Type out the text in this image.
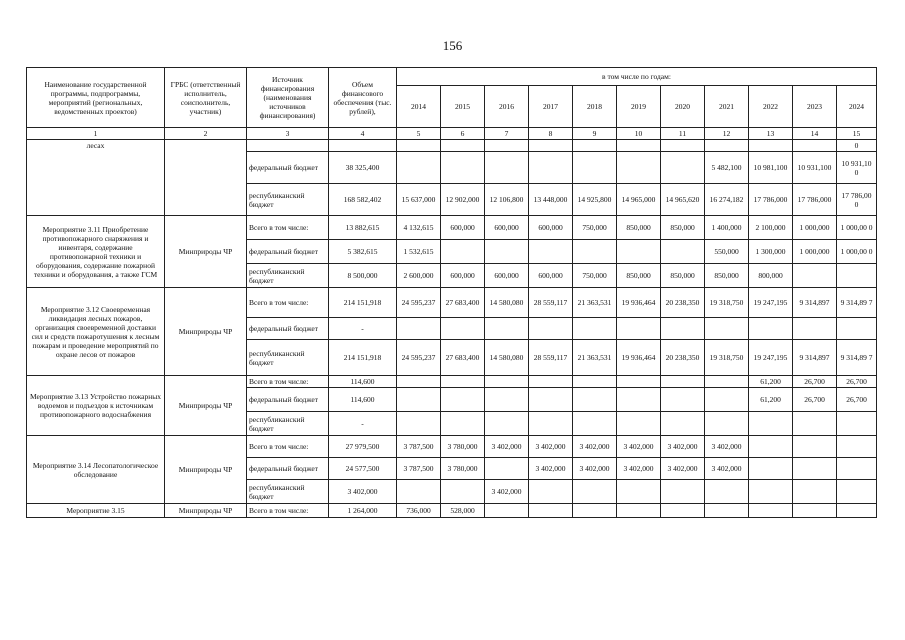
156
Наименование государственной программы, подпрограммы, мероприятий (региональных, ведомственных проектов)	ГРБС (ответственный исполнитель, соисполнитель, участник)	Источник финансирования (наименования источников финансирования)	Объем финансового обеспечения (тыс. рублей),	в том числе по годам:										
				2014	2015	2016	2017	2018	2019	2020	2021	2022	2023	2024
1	2	3	4	5	6	7	8	9	10	11	12	13	14	15
лесах														0
		федеральный бюджет	38 325,400								5 482,100	10 981,100	10 931,100	10 931,10 0
		республиканский бюджет	168 582,402	15 637,000	12 902,000	12 106,800	13 448,000	14 925,800	14 965,000	14 965,620	16 274,182	17 786,000	17 786,000	17 786,00 0
Мероприятие 3.11 Приобретение противопожарного снаряжения и инвентаря, содержание противопожарной техники и оборудования, содержание пожарной техники и оборудования, а также ГСМ	Минприроды ЧР	Всего в том числе:	13 882,615	4 132,615	600,000	600,000	600,000	750,000	850,000	850,000	1 400,000	2 100,000	1 000,000	1 000,00 0
		федеральный бюджет	5 382,615	1 532,615							550,000	1 300,000	1 000,000	1 000,00 0
		республиканский бюджет	8 500,000	2 600,000	600,000	600,000	600,000	750,000	850,000	850,000	850,000	800,000		
Мероприятие 3.12 Своевременная ликвидация лесных пожаров, организация своевременной доставки сил и средств пожаротушения к лесным пожарам и проведение мероприятий по охране лесов от пожаров	Минприроды ЧР	Всего в том числе:	214 151,918	24 595,237	27 683,400	14 580,080	28 559,117	21 363,531	19 936,464	20 238,350	19 318,750	19 247,195	9 314,897	9 314,89 7
		федеральный бюджет	-											
		республиканский бюджет	214 151,918	24 595,237	27 683,400	14 580,080	28 559,117	21 363,531	19 936,464	20 238,350	19 318,750	19 247,195	9 314,897	9 314,89 7
Мероприятие 3.13 Устройство пожарных водоемов и подъездов к источникам противопожарного водоснабжения	Минприроды ЧР	Всего в том числе:	114,600									61,200	26,700	26,700
		федеральный бюджет	114,600									61,200	26,700	26,700
		республиканский бюджет	-											
Мероприятие 3.14 Лесопатологическое обследование	Минприроды ЧР	Всего в том числе:	27 979,500	3 787,500	3 780,000	3 402,000	3 402,000	3 402,000	3 402,000	3 402,000	3 402,000			
		федеральный бюджет	24 577,500	3 787,500	3 780,000		3 402,000	3 402,000	3 402,000	3 402,000	3 402,000			
		республиканский бюджет	3 402,000			3 402,000								
Мероприятие 3.15	Минприроды ЧР	Всего в том числе:	1 264,000	736,000	528,000									
